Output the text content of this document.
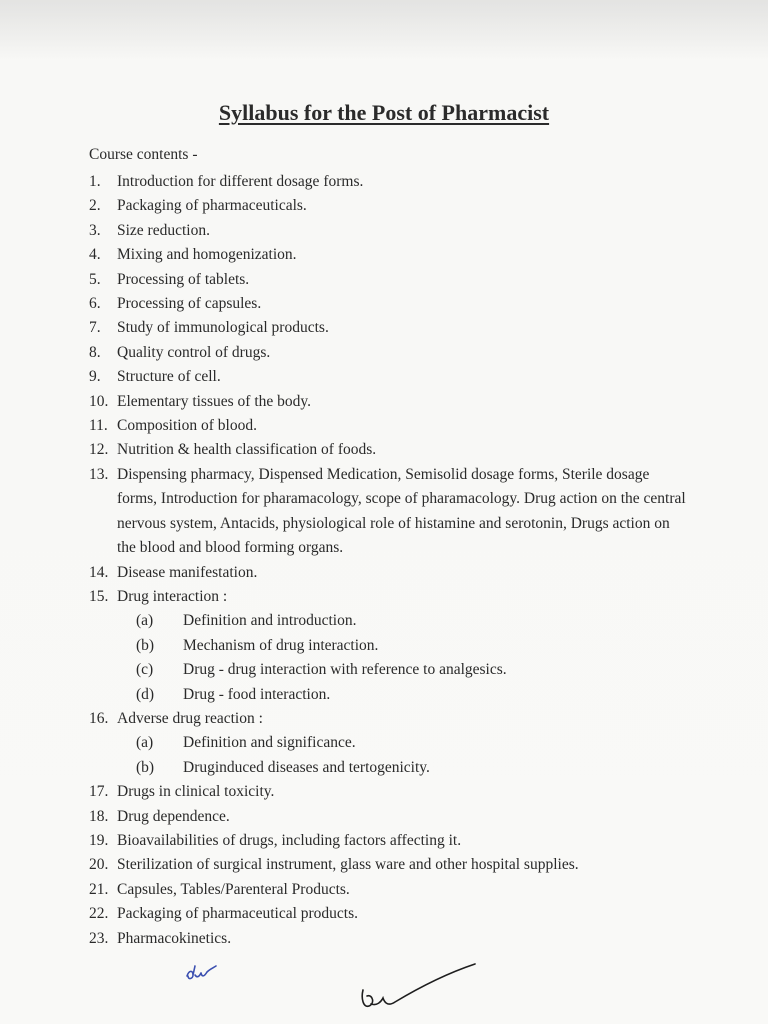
Syllabus for the Post of Pharmacist
Course contents -
1.	Introduction for different dosage forms.
2.	Packaging of pharmaceuticals.
3.	Size reduction.
4.	Mixing and homogenization.
5.	Processing of tablets.
6.	Processing of capsules.
7.	Study of immunological products.
8.	Quality control of drugs.
9.	Structure of cell.
10. Elementary tissues of the body.
11. Composition of blood.
12. Nutrition & health classification of foods.
13. Dispensing pharmacy, Dispensed Medication, Semisolid dosage forms, Sterile dosage forms, Introduction for pharamacology, scope of pharamacology. Drug action on the central nervous system, Antacids, physiological role of histamine and serotonin, Drugs action on the blood and blood forming organs.
14. Disease manifestation.
15. Drug interaction :
(a)	Definition and introduction.
(b)	Mechanism of drug interaction.
(c)	Drug - drug interaction with reference to analgesics.
(d)	Drug - food interaction.
16. Adverse drug reaction :
(a)	Definition and significance.
(b)	Druginduced diseases and tertogenicity.
17. Drugs in clinical toxicity.
18. Drug dependence.
19. Bioavailabilities of drugs, including factors affecting it.
20. Sterilization of surgical instrument, glass ware and other hospital supplies.
21. Capsules, Tables/Parenteral Products.
22. Packaging of pharmaceutical products.
23. Pharmacokinetics.
